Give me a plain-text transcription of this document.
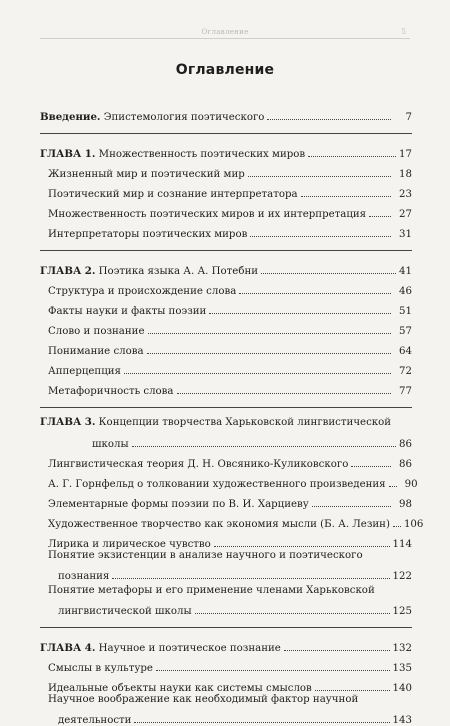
Оглавление	5
Оглавление
Введение. Эпистемология поэтического	7
ГЛАВА 1. Множественность поэтических миров	17
Жизненный мир и поэтический мир	18
Поэтический мир и сознание интерпретатора	23
Множественность поэтических миров и их интерпретация	27
Интерпретаторы поэтических миров	31
ГЛАВА 2. Поэтика языка А. А. Потебни	41
Структура и происхождение слова	46
Факты науки и факты поэзии	51
Слово и познание	57
Понимание слова	64
Апперцепция	72
Метафоричность слова	77
ГЛАВА 3. Концепции творчества Харьковской лингвистической
школы	86
Лингвистическая теория Д. Н. Овсянико-Куликовского	86
А. Г. Горнфельд о толковании художественного произведения	90
Элементарные формы поэзии по В. И. Харциеву	98
Художественное творчество как экономия мысли (Б. А. Лезин) 106
Лирика и лирическое чувство	114
Понятие экзистенции в анализе научного и поэтического
познания	122
Понятие метафоры и его применение членами Харьковской
лингвистической школы	125
ГЛАВА 4. Научное и поэтическое познание	132
Смыслы в культуре	135
Идеальные объекты науки как системы смыслов	140
Научное воображение как необходимый фактор научной
деятельности	143
